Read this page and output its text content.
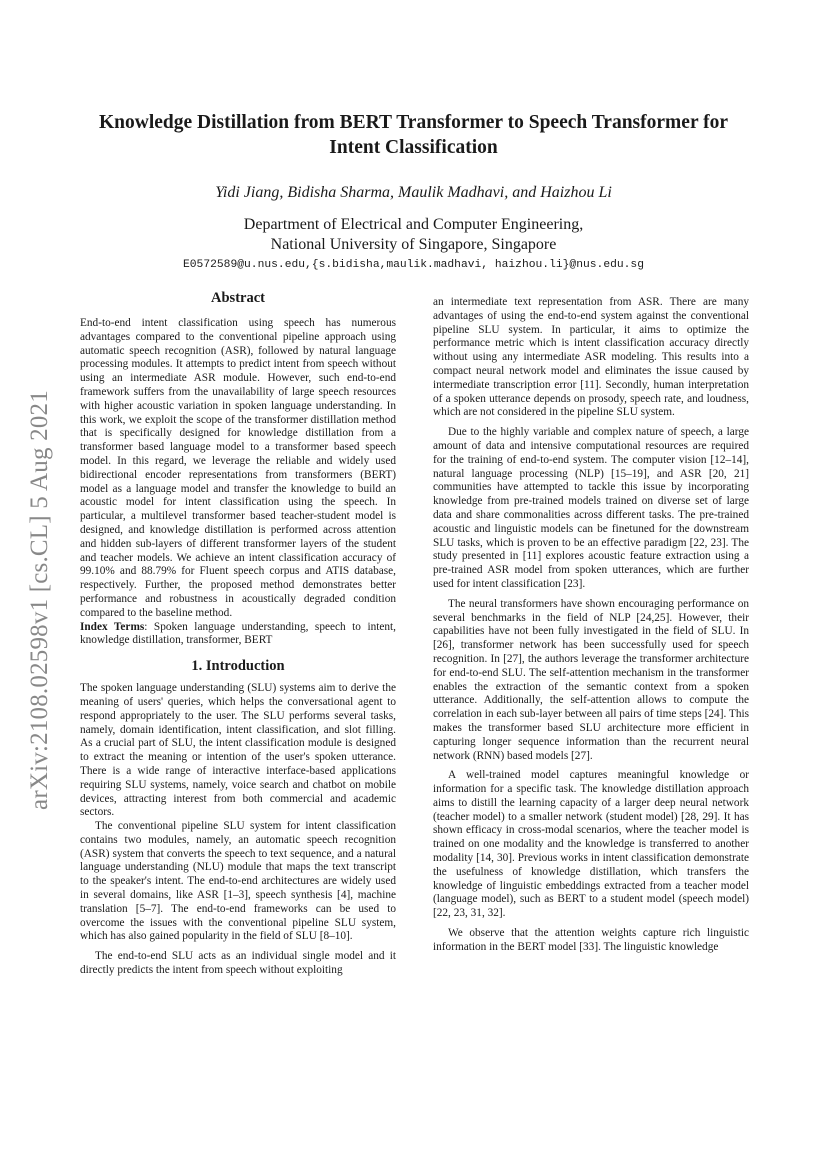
arXiv:2108.02598v1 [cs.CL] 5 Aug 2021
Knowledge Distillation from BERT Transformer to Speech Transformer for Intent Classification
Yidi Jiang, Bidisha Sharma, Maulik Madhavi, and Haizhou Li
Department of Electrical and Computer Engineering,
National University of Singapore, Singapore
E0572589@u.nus.edu,{s.bidisha,maulik.madhavi, haizhou.li}@nus.edu.sg
Abstract

End-to-end intent classification using speech has numerous advantages compared to the conventional pipeline approach using automatic speech recognition (ASR), followed by natural language processing modules. It attempts to predict intent from speech without using an intermediate ASR module. However, such end-to-end framework suffers from the unavailability of large speech resources with higher acoustic variation in spoken language understanding. In this work, we exploit the scope of the transformer distillation method that is specifically designed for knowledge distillation from a transformer based language model to a transformer based speech model. In this regard, we leverage the reliable and widely used bidirectional encoder representations from transformers (BERT) model as a language model and transfer the knowledge to build an acoustic model for intent classification using the speech. In particular, a multilevel transformer based teacher-student model is designed, and knowledge distillation is performed across attention and hidden sub-layers of different transformer layers of the student and teacher models. We achieve an intent classification accuracy of 99.10% and 88.79% for Fluent speech corpus and ATIS database, respectively. Further, the proposed method demonstrates better performance and robustness in acoustically degraded condition compared to the baseline method.

Index Terms: Spoken language understanding, speech to intent, knowledge distillation, transformer, BERT

1. Introduction

The spoken language understanding (SLU) systems aim to derive the meaning of users' queries, which helps the conversational agent to respond appropriately to the user. The SLU performs several tasks, namely, domain identification, intent classification, and slot filling. As a crucial part of SLU, the intent classification module is designed to extract the meaning or intention of the user's spoken utterance. There is a wide range of interactive interface-based applications requiring SLU systems, namely, voice search and chatbot on mobile devices, attracting interest from both commercial and academic sectors.

The conventional pipeline SLU system for intent classification contains two modules, namely, an automatic speech recognition (ASR) system that converts the speech to text sequence, and a natural language understanding (NLU) module that maps the text transcript to the speaker's intent. The end-to-end architectures are widely used in several domains, like ASR [1–3], speech synthesis [4], machine translation [5–7]. The end-to-end frameworks can be used to overcome the issues with the conventional pipeline SLU system, which has also gained popularity in the field of SLU [8–10].

The end-to-end SLU acts as an individual single model and it directly predicts the intent from speech without exploiting

an intermediate text representation from ASR. There are many advantages of using the end-to-end system against the conventional pipeline SLU system. In particular, it aims to optimize the performance metric which is intent classification accuracy directly without using any intermediate ASR modeling. This results into a compact neural network model and eliminates the issue caused by intermediate transcription error [11]. Secondly, human interpretation of a spoken utterance depends on prosody, speech rate, and loudness, which are not considered in the pipeline SLU system.

Due to the highly variable and complex nature of speech, a large amount of data and intensive computational resources are required for the training of end-to-end system. The computer vision [12–14], natural language processing (NLP) [15–19], and ASR [20, 21] communities have attempted to tackle this issue by incorporating knowledge from pre-trained models trained on diverse set of large data and share commonalities across different tasks. The pre-trained acoustic and linguistic models can be finetuned for the downstream SLU tasks, which is proven to be an effective paradigm [22, 23]. The study presented in [11] explores acoustic feature extraction using a pre-trained ASR model from spoken utterances, which are further used for intent classification [23].

The neural transformers have shown encouraging performance on several benchmarks in the field of NLP [24,25]. However, their capabilities have not been fully investigated in the field of SLU. In [26], transformer network has been successfully used for speech recognition. In [27], the authors leverage the transformer architecture for end-to-end SLU. The self-attention mechanism in the transformer enables the extraction of the semantic context from a spoken utterance. Additionally, the self-attention allows to compute the correlation in each sub-layer between all pairs of time steps [24]. This makes the transformer based SLU architecture more efficient in capturing longer sequence information than the recurrent neural network (RNN) based models [27].

A well-trained model captures meaningful knowledge or information for a specific task. The knowledge distillation approach aims to distill the learning capacity of a larger deep neural network (teacher model) to a smaller network (student model) [28, 29]. It has shown efficacy in cross-modal scenarios, where the teacher model is trained on one modality and the knowledge is transferred to another modality [14, 30]. Previous works in intent classification demonstrate the usefulness of knowledge distillation, which transfers the knowledge of linguistic embeddings extracted from a teacher model (language model), such as BERT to a student model (speech model) [22, 23, 31, 32].

We observe that the attention weights capture rich linguistic information in the BERT model [33]. The linguistic knowledge
